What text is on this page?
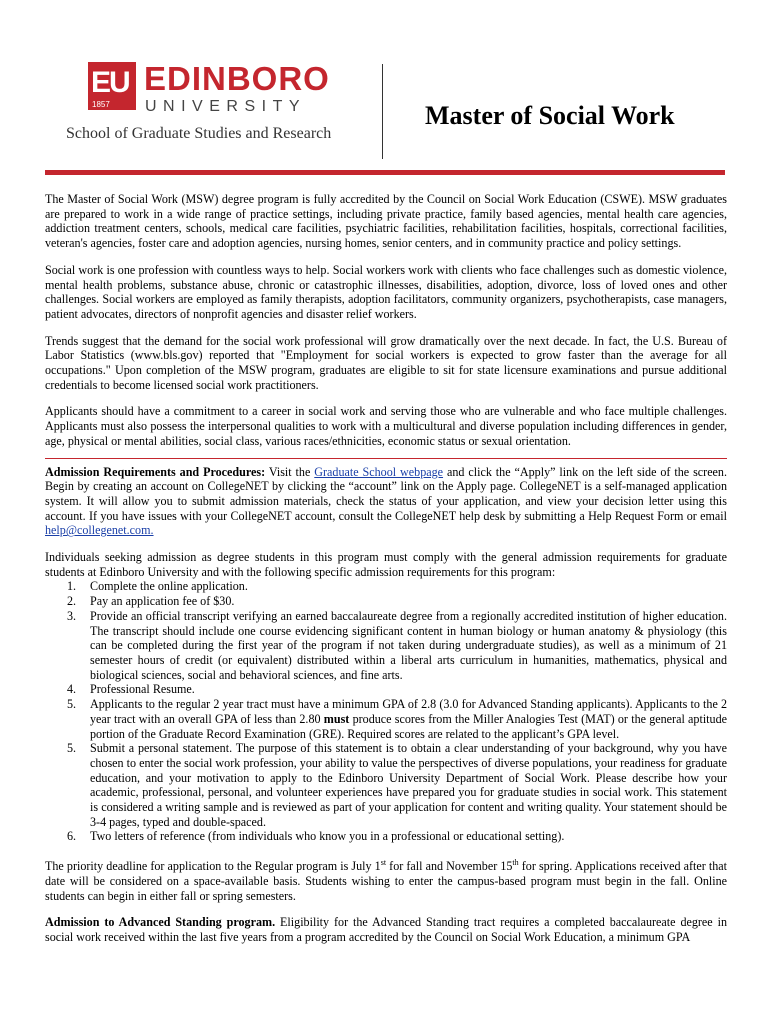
EU
1857
EDINBORO
UNIVERSITY
School of Graduate Studies and Research
Master of Social Work

The Master of Social Work (MSW) degree program is fully accredited by the Council on Social Work Education (CSWE). MSW graduates are prepared to work in a wide range of practice settings, including private practice, family based agencies, mental health care agencies, addiction treatment centers, schools, medical care facilities, psychiatric facilities, rehabilitation facilities, hospitals, correctional facilities, veteran's agencies, foster care and adoption agencies, nursing homes, senior centers, and in community practice and policy settings.

Social work is one profession with countless ways to help. Social workers work with clients who face challenges such as domestic violence, mental health problems, substance abuse, chronic or catastrophic illnesses, disabilities, adoption, divorce, loss of loved ones and other challenges. Social workers are employed as family therapists, adoption facilitators, community organizers, psychotherapists, case managers, patient advocates, directors of nonprofit agencies and disaster relief workers.

Trends suggest that the demand for the social work professional will grow dramatically over the next decade. In fact, the U.S. Bureau of Labor Statistics (www.bls.gov) reported that "Employment for social workers is expected to grow faster than the average for all occupations." Upon completion of the MSW program, graduates are eligible to sit for state licensure examinations and pursue additional credentials to become licensed social work practitioners.

Applicants should have a commitment to a career in social work and serving those who are vulnerable and who face multiple challenges. Applicants must also possess the interpersonal qualities to work with a multicultural and diverse population including differences in gender, age, physical or mental abilities, social class, various races/ethnicities, economic status or sexual orientation.

Admission Requirements and Procedures: Visit the Graduate School webpage and click the “Apply” link on the left side of the screen. Begin by creating an account on CollegeNET by clicking the “account” link on the Apply page. CollegeNET is a self-managed application system. It will allow you to submit admission materials, check the status of your application, and view your decision letter using this account. If you have issues with your CollegeNET account, consult the CollegeNET help desk by submitting a Help Request Form or email help@collegenet.com.

Individuals seeking admission as degree students in this program must comply with the general admission requirements for graduate students at Edinboro University and with the following specific admission requirements for this program:

1.	Complete the online application.
2.	Pay an application fee of $30.
3.	Provide an official transcript verifying an earned baccalaureate degree from a regionally accredited institution of higher education. The transcript should include one course evidencing significant content in human biology or human anatomy & physiology (this can be completed during the first year of the program if not taken during undergraduate studies), as well as a minimum of 21 semester hours of credit (or equivalent) distributed within a liberal arts curriculum in humanities, mathematics, physical and biological sciences, social and behavioral sciences, and fine arts.
4.	Professional Resume.
5.	Applicants to the regular 2 year tract must have a minimum GPA of 2.8 (3.0 for Advanced Standing applicants). Applicants to the 2 year tract with an overall GPA of less than 2.80 must produce scores from the Miller Analogies Test (MAT) or the general aptitude portion of the Graduate Record Examination (GRE). Required scores are related to the applicant’s GPA level.
5.	Submit a personal statement. The purpose of this statement is to obtain a clear understanding of your background, why you have chosen to enter the social work profession, your ability to value the perspectives of diverse populations, your readiness for graduate education, and your motivation to apply to the Edinboro University Department of Social Work. Please describe how your academic, professional, personal, and volunteer experiences have prepared you for graduate studies in social work. This statement is considered a writing sample and is reviewed as part of your application for content and writing quality. Your statement should be 3-4 pages, typed and double-spaced.
6.	Two letters of reference (from individuals who know you in a professional or educational setting).

The priority deadline for application to the Regular program is July 1st for fall and November 15th for spring. Applications received after that date will be considered on a space-available basis. Students wishing to enter the campus-based program must begin in the fall. Online students can begin in either fall or spring semesters.

Admission to Advanced Standing program. Eligibility for the Advanced Standing tract requires a completed baccalaureate degree in social work received within the last five years from a program accredited by the Council on Social Work Education, a minimum GPA
